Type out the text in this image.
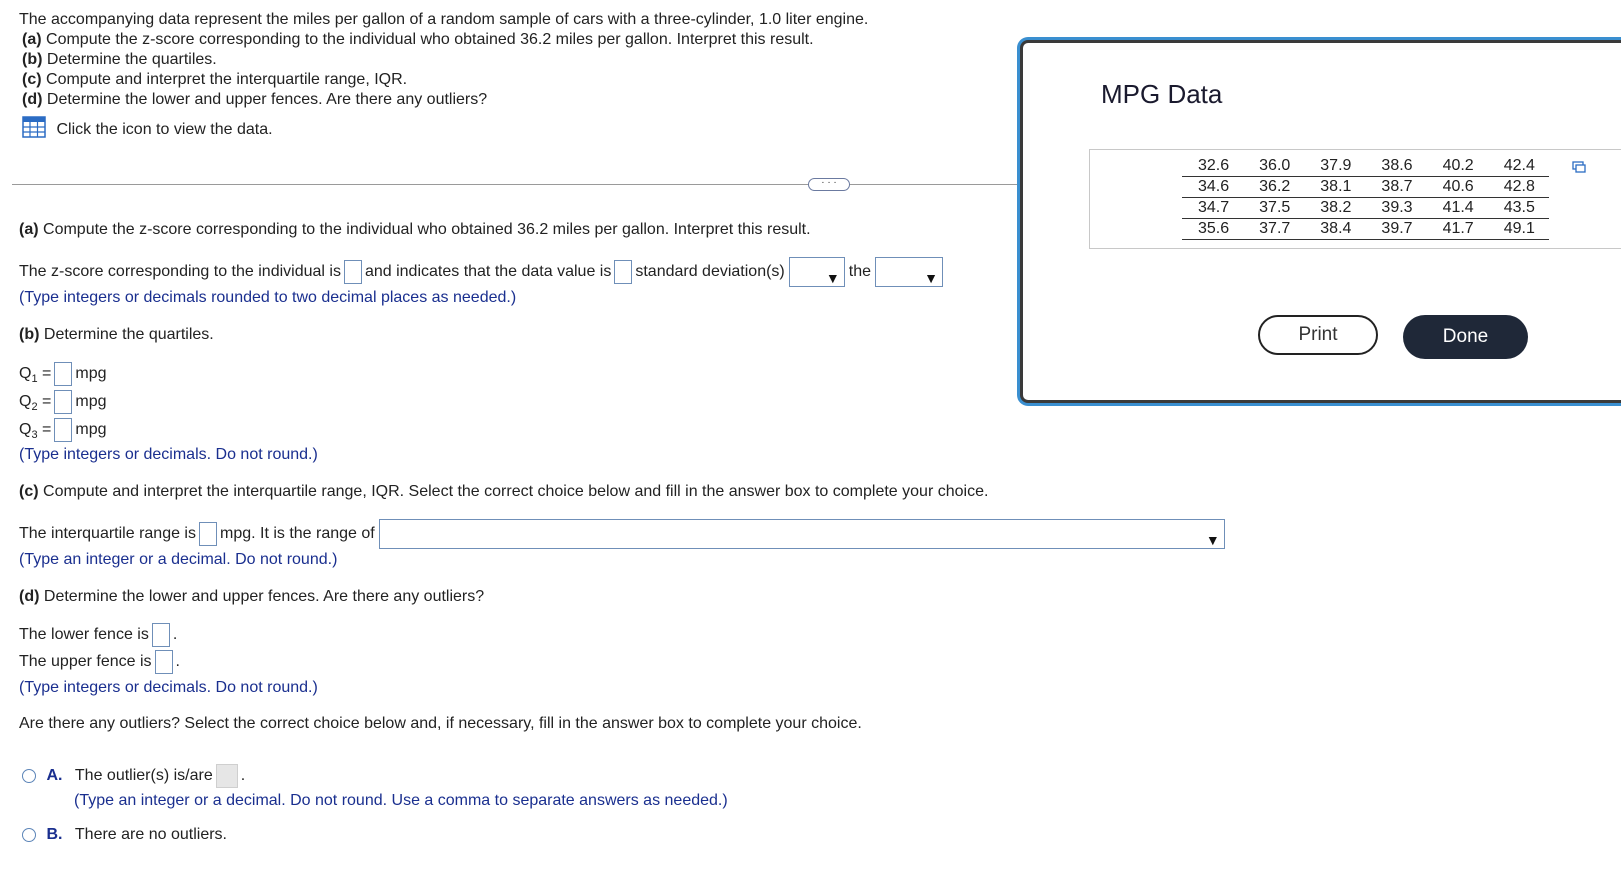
The accompanying data represent the miles per gallon of a random sample of cars with a three-cylinder, 1.0 liter engine.
(a) Compute the z-score corresponding to the individual who obtained 36.2 miles per gallon. Interpret this result.
(b) Determine the quartiles.
(c) Compute and interpret the interquartile range, IQR.
(d) Determine the lower and upper fences. Are there any outliers?
Click the icon to view the data.
· · ·
(a) Compute the z-score corresponding to the individual who obtained 36.2 miles per gallon. Interpret this result.
The z-score corresponding to the individual is and indicates that the data value is standard deviation(s)	▼ the	▼
(Type integers or decimals rounded to two decimal places as needed.)
(b) Determine the quartiles.
$Q_1$ = mpg
$Q_2$ = mpg
$Q_3$ = mpg
(Type integers or decimals. Do not round.)
(c) Compute and interpret the interquartile range, IQR. Select the correct choice below and fill in the answer box to complete your choice.
The interquartile range is mpg. It is the range of	▼
(Type an integer or a decimal. Do not round.)
(d) Determine the lower and upper fences. Are there any outliers?
The lower fence is .
The upper fence is .
(Type integers or decimals. Do not round.)
Are there any outliers? Select the correct choice below and, if necessary, fill in the answer box to complete your choice.
A. The outlier(s) is/are .
(Type an integer or a decimal. Do not round. Use a comma to separate answers as needed.)
B. There are no outliers.
MPG Data
32.6	36.0	37.9	38.6	40.2	42.4
34.6	36.2	38.1	38.7	40.6	42.8
34.7	37.5	38.2	39.3	41.4	43.5
35.6	37.7	38.4	39.7	41.7	49.1
Print	Done
